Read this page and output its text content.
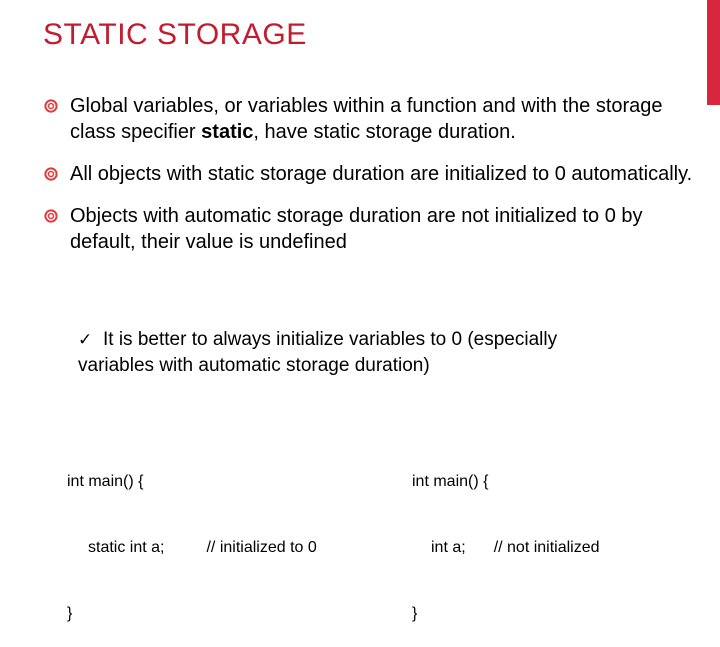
STATIC STORAGE
Global variables, or variables within a function and with the storage class specifier static, have static storage duration.
All objects with static storage duration are initialized to 0 automatically.
Objects with automatic storage duration are not initialized to 0 by default, their value is undefined
✓ It is better to always initialize variables to 0 (especially
variables with automatic storage duration)

int main() {

static int a;	// initialized to 0

}

int main() {

int a; // not initialized

}
